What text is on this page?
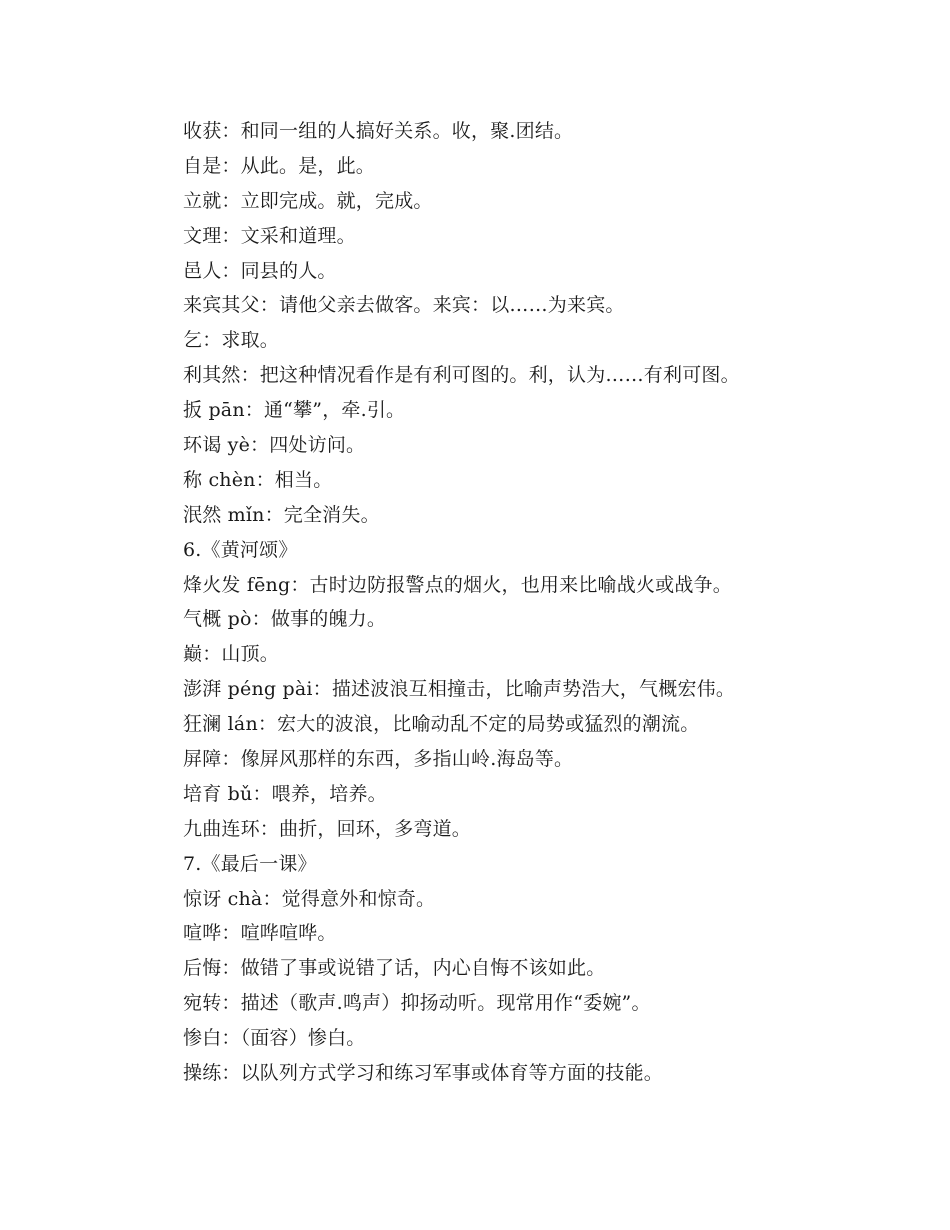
收获：和同一组的人搞好关系。收，聚.团结。
自是：从此。是，此。
立就：立即完成。就，完成。
文理：文采和道理。
邑人：同县的人。
来宾其父：请他父亲去做客。来宾：以……为来宾。
乞：求取。
利其然：把这种情况看作是有利可图的。利，认为……有利可图。
扳 pān：通“攀”，牵.引。
环谒 yè：四处访问。
称 chèn：相当。
泯然 mǐn：完全消失。
6.《黄河颂》
烽火发 fēng：古时边防报警点的烟火，也用来比喻战火或战争。
气概 pò：做事的魄力。
巅：山顶。
澎湃 péng pài：描述波浪互相撞击，比喻声势浩大，气概宏伟。
狂澜 lán：宏大的波浪，比喻动乱不定的局势或猛烈的潮流。
屏障：像屏风那样的东西，多指山岭.海岛等。
培育 bǔ：喂养，培养。
九曲连环：曲折，回环，多弯道。
7.《最后一课》
惊讶 chà：觉得意外和惊奇。
喧哗：喧哗喧哗。
后悔：做错了事或说错了话，内心自悔不该如此。
宛转：描述（歌声.鸣声）抑扬动听。现常用作“委婉”。
惨白：（面容）惨白。
操练：以队列方式学习和练习军事或体育等方面的技能。
